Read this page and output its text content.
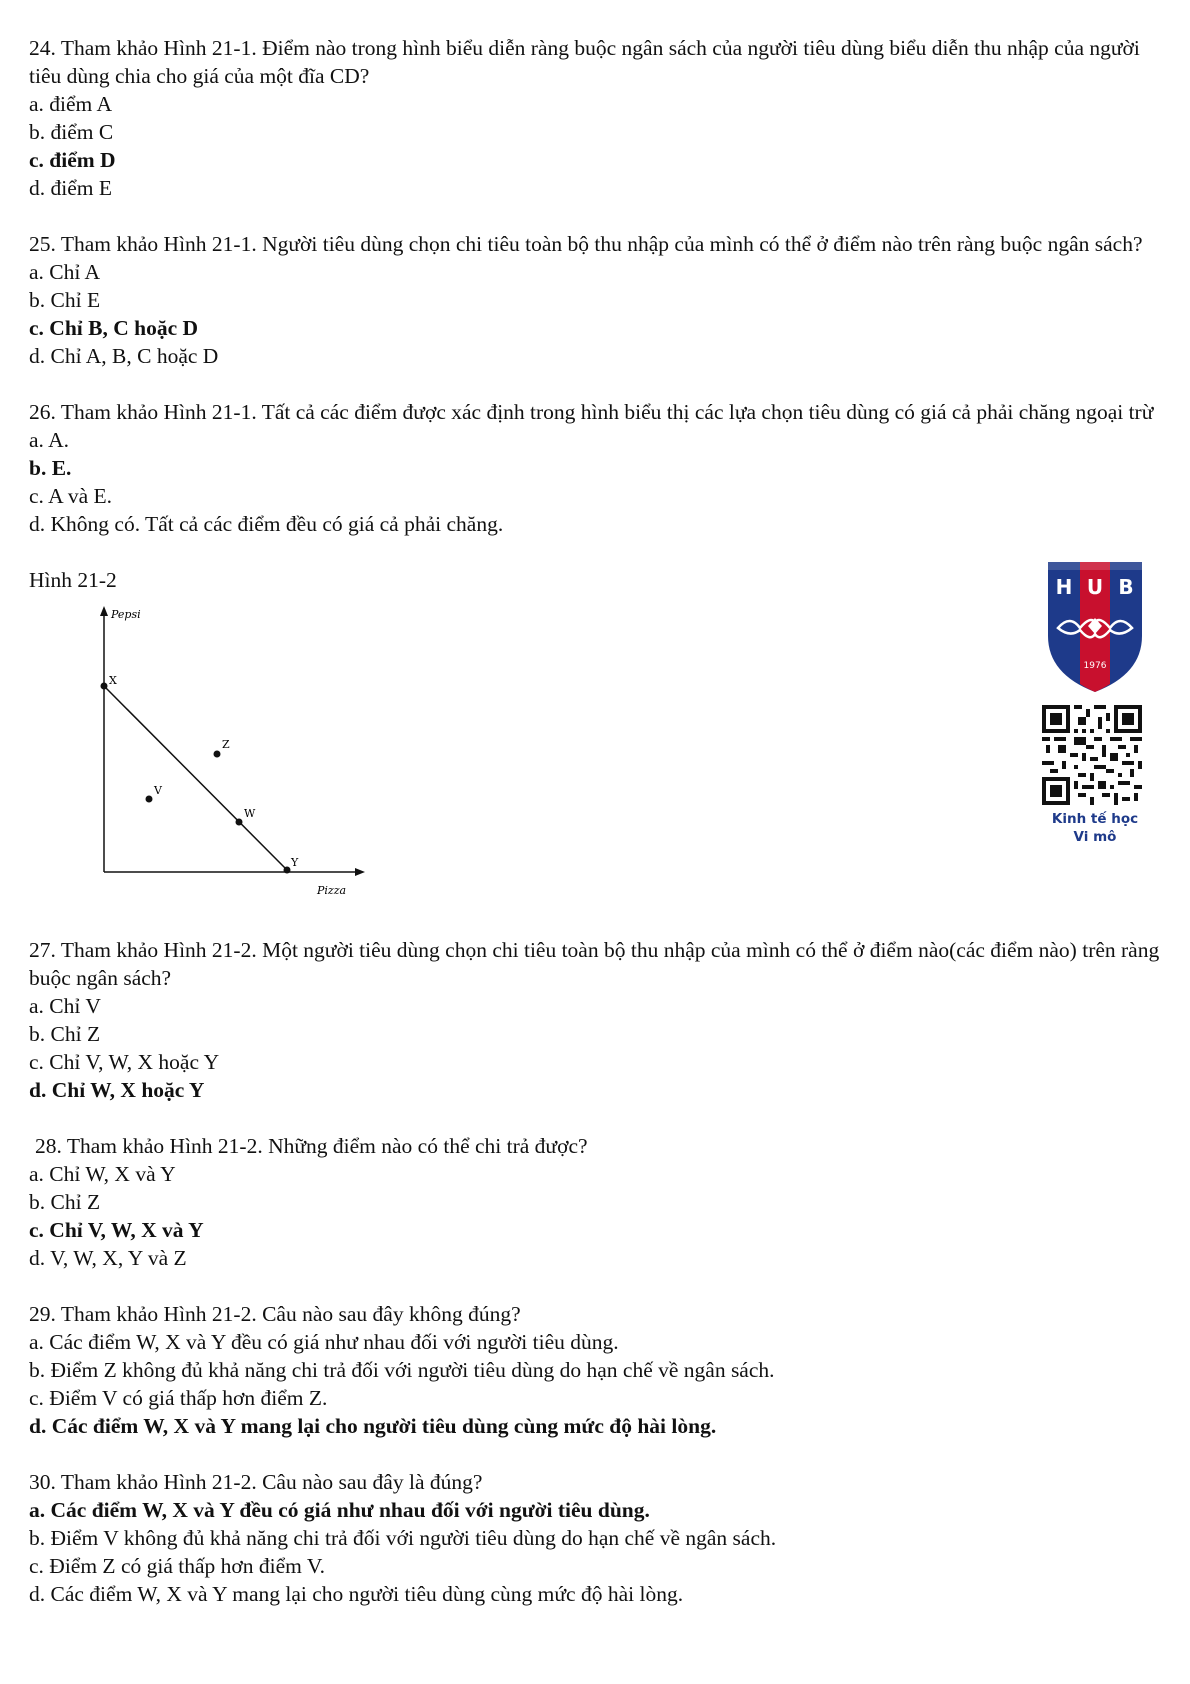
24. Tham khảo Hình 21-1. Điểm nào trong hình biểu diễn ràng buộc ngân sách của người tiêu dùng biểu diễn thu nhập của người tiêu dùng chia cho giá của một đĩa CD?

a. điểm A

b. điểm C

c. điểm D

d. điểm E

25. Tham khảo Hình 21-1. Người tiêu dùng chọn chi tiêu toàn bộ thu nhập của mình có thể ở điểm nào trên ràng buộc ngân sách?

a. Chỉ A

b. Chỉ E

c. Chỉ B, C hoặc D

d. Chỉ A, B, C hoặc D

26. Tham khảo Hình 21-1. Tất cả các điểm được xác định trong hình biểu thị các lựa chọn tiêu dùng có giá cả phải chăng ngoại trừ

a. A.

b. E.

c. A và E.

d. Không có. Tất cả các điểm đều có giá cả phải chăng.

Hình 21-2

Pepsi
Pizza
X
Z
V
W
Y

27. Tham khảo Hình 21-2. Một người tiêu dùng chọn chi tiêu toàn bộ thu nhập của mình có thể ở điểm nào(các điểm nào) trên ràng buộc ngân sách?

a. Chỉ V

b. Chỉ Z

c. Chỉ V, W, X hoặc Y

d. Chỉ W, X hoặc Y

28. Tham khảo Hình 21-2. Những điểm nào có thể chi trả được?

a. Chỉ W, X và Y

b. Chỉ Z

c. Chỉ V, W, X và Y

d. V, W, X, Y và Z

29. Tham khảo Hình 21-2. Câu nào sau đây không đúng?

a. Các điểm W, X và Y đều có giá như nhau đối với người tiêu dùng.

b. Điểm Z không đủ khả năng chi trả đối với người tiêu dùng do hạn chế về ngân sách.

c. Điểm V có giá thấp hơn điểm Z.

d. Các điểm W, X và Y mang lại cho người tiêu dùng cùng mức độ hài lòng.

30. Tham khảo Hình 21-2. Câu nào sau đây là đúng?

a. Các điểm W, X và Y đều có giá như nhau đối với người tiêu dùng.

b. Điểm V không đủ khả năng chi trả đối với người tiêu dùng do hạn chế về ngân sách.

c. Điểm Z có giá thấp hơn điểm V.

d. Các điểm W, X và Y mang lại cho người tiêu dùng cùng mức độ hài lòng.

H U B
1976
Kinh tế học
Vi mô
